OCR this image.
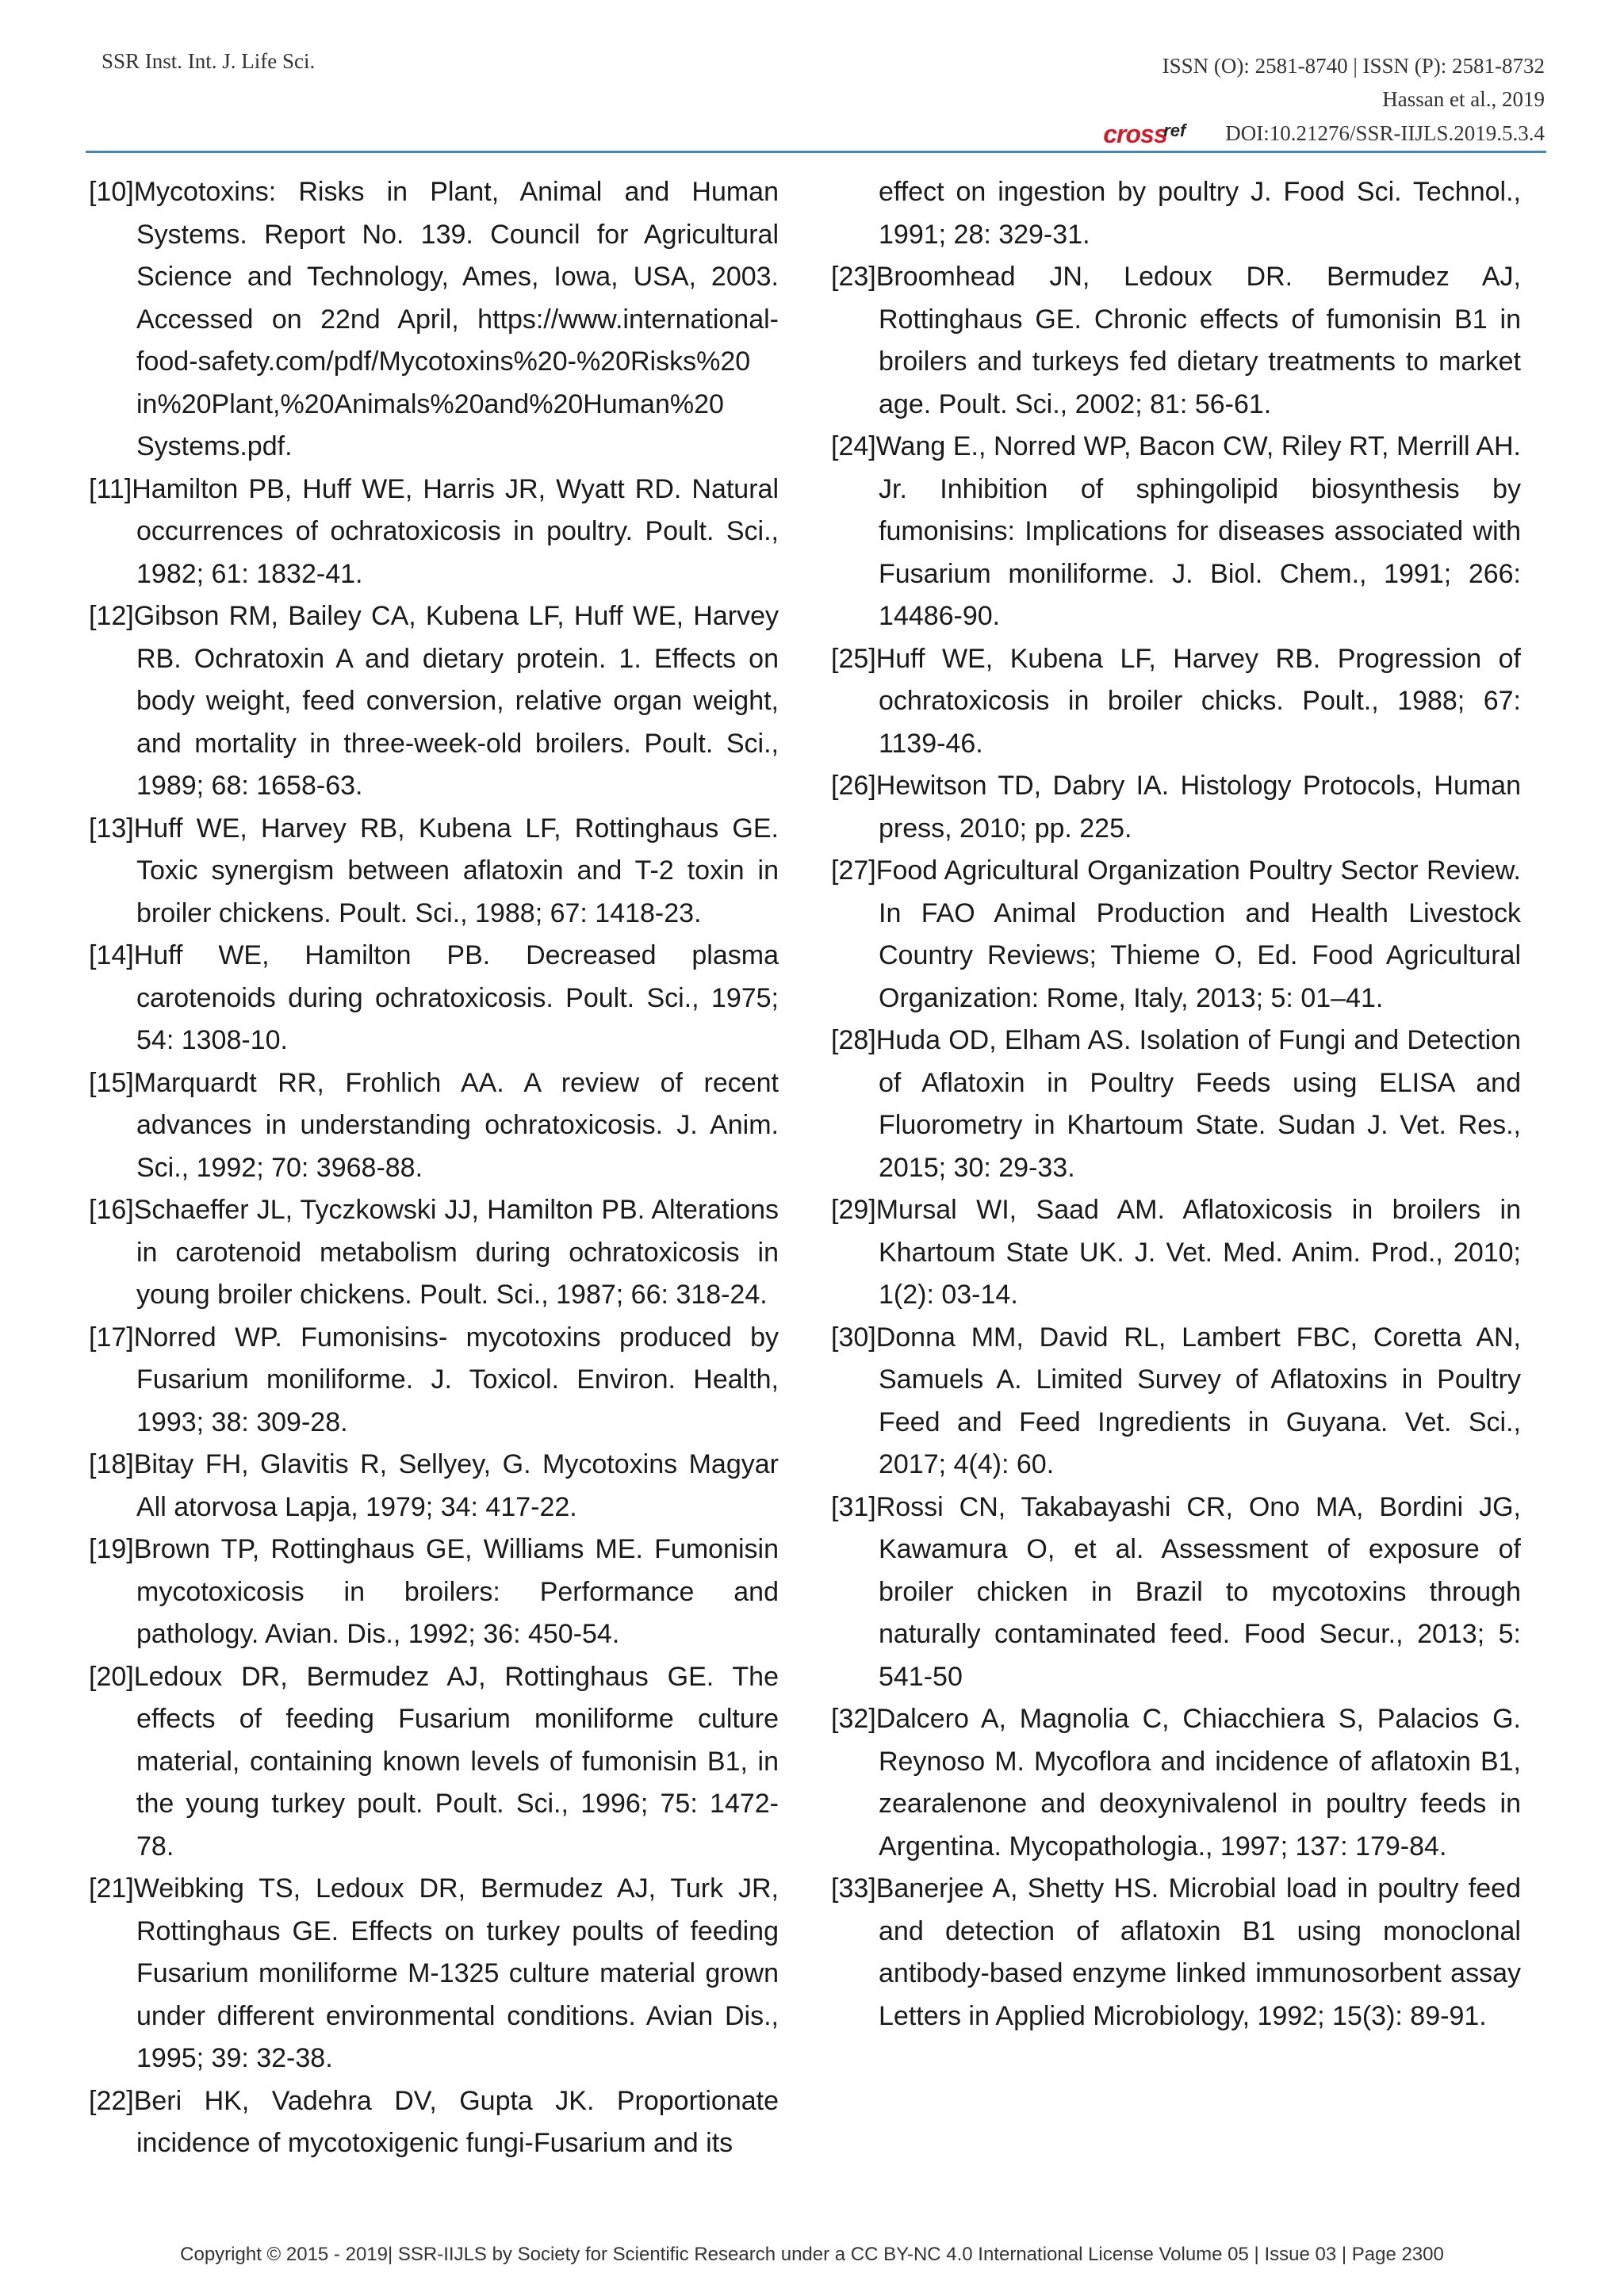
SSR Inst. Int. J. Life Sci.	ISSN (O): 2581-8740 | ISSN (P): 2581-8732
Hassan et al., 2019
cross
ref DOI:10.21276/SSR-IIJLS.2019.5.3.4
[10]Mycotoxins: Risks in Plant, Animal and Human Systems. Report No. 139. Council for Agricultural Science and Technology, Ames, Iowa, USA, 2003. Accessed on 22nd April, https://www.international-food-safety.com/pdf/Mycotoxins%20-%20Risks%20 in%20Plant,%20Animals%20and%20Human%20 Systems.pdf.
[11]Hamilton PB, Huff WE, Harris JR, Wyatt RD. Natural occurrences of ochratoxicosis in poultry. Poult. Sci., 1982; 61: 1832-41.
[12]Gibson RM, Bailey CA, Kubena LF, Huff WE, Harvey RB. Ochratoxin A and dietary protein. 1. Effects on body weight, feed conversion, relative organ weight, and mortality in three-week-old broilers. Poult. Sci., 1989; 68: 1658-63.
[13]Huff WE, Harvey RB, Kubena LF, Rottinghaus GE. Toxic synergism between aflatoxin and T-2 toxin in broiler chickens. Poult. Sci., 1988; 67: 1418-23.
[14]Huff WE, Hamilton PB. Decreased plasma carotenoids during ochratoxicosis. Poult. Sci., 1975; 54: 1308-10.
[15]Marquardt RR, Frohlich AA. A review of recent advances in understanding ochratoxicosis. J. Anim. Sci., 1992; 70: 3968-88.
[16]Schaeffer JL, Tyczkowski JJ, Hamilton PB. Alterations in carotenoid metabolism during ochratoxicosis in young broiler chickens. Poult. Sci., 1987; 66: 318-24.
[17]Norred WP. Fumonisins- mycotoxins produced by Fusarium moniliforme. J. Toxicol. Environ. Health, 1993; 38: 309-28.
[18]Bitay FH, Glavitis R, Sellyey, G. Mycotoxins Magyar All atorvosa Lapja, 1979; 34: 417-22.
[19]Brown TP, Rottinghaus GE, Williams ME. Fumonisin mycotoxicosis in broilers: Performance and pathology. Avian. Dis., 1992; 36: 450-54.
[20]Ledoux DR, Bermudez AJ, Rottinghaus GE. The effects of feeding Fusarium moniliforme culture material, containing known levels of fumonisin B1, in the young turkey poult. Poult. Sci., 1996; 75: 1472-78.
[21]Weibking TS, Ledoux DR, Bermudez AJ, Turk JR, Rottinghaus GE. Effects on turkey poults of feeding Fusarium moniliforme M-1325 culture material grown under different environmental conditions. Avian Dis., 1995; 39: 32-38.
[22]Beri HK, Vadehra DV, Gupta JK. Proportionate incidence of mycotoxigenic fungi-Fusarium and its
effect on ingestion by poultry J. Food Sci. Technol., 1991; 28: 329-31.
[23]Broomhead JN, Ledoux DR. Bermudez AJ, Rottinghaus GE. Chronic effects of fumonisin B1 in broilers and turkeys fed dietary treatments to market age. Poult. Sci., 2002; 81: 56-61.
[24]Wang E., Norred WP, Bacon CW, Riley RT, Merrill AH. Jr. Inhibition of sphingolipid biosynthesis by fumonisins: Implications for diseases associated with Fusarium moniliforme. J. Biol. Chem., 1991; 266: 14486-90.
[25]Huff WE, Kubena LF, Harvey RB. Progression of ochratoxicosis in broiler chicks. Poult., 1988; 67: 1139-46.
[26]Hewitson TD, Dabry IA. Histology Protocols, Human press, 2010; pp. 225.
[27]Food Agricultural Organization Poultry Sector Review. In FAO Animal Production and Health Livestock Country Reviews; Thieme O, Ed. Food Agricultural Organization: Rome, Italy, 2013; 5: 01–41.
[28]Huda OD, Elham AS. Isolation of Fungi and Detection of Aflatoxin in Poultry Feeds using ELISA and Fluorometry in Khartoum State. Sudan J. Vet. Res., 2015; 30: 29-33.
[29]Mursal WI, Saad AM. Aflatoxicosis in broilers in Khartoum State UK. J. Vet. Med. Anim. Prod., 2010; 1(2): 03-14.
[30]Donna MM, David RL, Lambert FBC, Coretta AN, Samuels A. Limited Survey of Aflatoxins in Poultry Feed and Feed Ingredients in Guyana. Vet. Sci., 2017; 4(4): 60.
[31]Rossi CN, Takabayashi CR, Ono MA, Bordini JG, Kawamura O, et al. Assessment of exposure of broiler chicken in Brazil to mycotoxins through naturally contaminated feed. Food Secur., 2013; 5: 541-50
[32]Dalcero A, Magnolia C, Chiacchiera S, Palacios G. Reynoso M. Mycoflora and incidence of aflatoxin B1, zearalenone and deoxynivalenol in poultry feeds in Argentina. Mycopathologia., 1997; 137: 179-84.
[33]Banerjee A, Shetty HS. Microbial load in poultry feed and detection of aflatoxin B1 using monoclonal antibody-based enzyme linked immunosorbent assay Letters in Applied Microbiology, 1992; 15(3): 89-91.
Copyright © 2015 - 2019| SSR-IIJLS by Society for Scientific Research under a CC BY-NC 4.0 International License Volume 05 | Issue 03 | Page 2300
